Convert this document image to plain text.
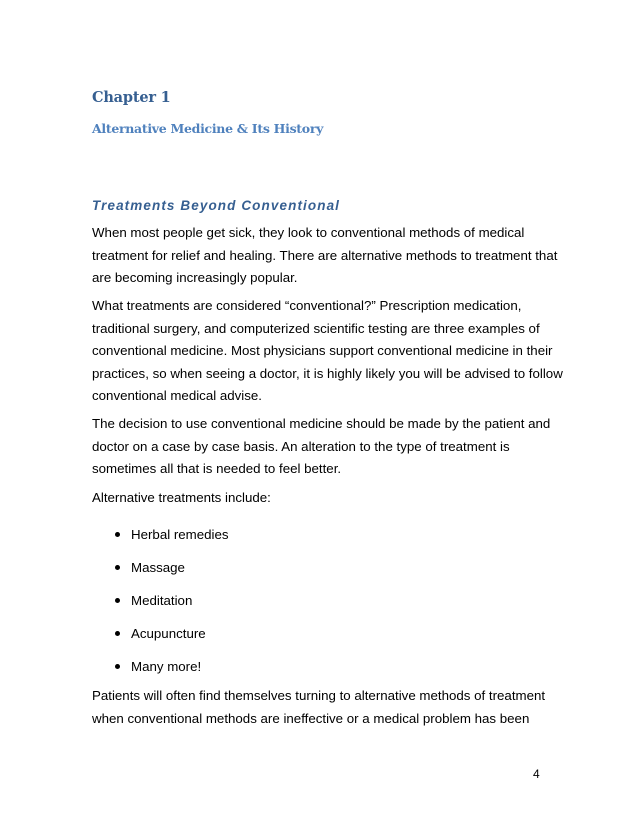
Chapter 1
Alternative Medicine & Its History
Treatments Beyond Conventional

When most people get sick, they look to conventional methods of medical
treatment for relief and healing. There are alternative methods to treatment that
are becoming increasingly popular.

What treatments are considered “conventional?” Prescription medication,
traditional surgery, and computerized scientific testing are three examples of
conventional medicine. Most physicians support conventional medicine in their
practices, so when seeing a doctor, it is highly likely you will be advised to follow
conventional medical advise.

The decision to use conventional medicine should be made by the patient and
doctor on a case by case basis. An alteration to the type of treatment is
sometimes all that is needed to feel better.

Alternative treatments include:

Herbal remedies
Massage
Meditation
Acupuncture
Many more!

Patients will often find themselves turning to alternative methods of treatment
when conventional methods are ineffective or a medical problem has been

4
